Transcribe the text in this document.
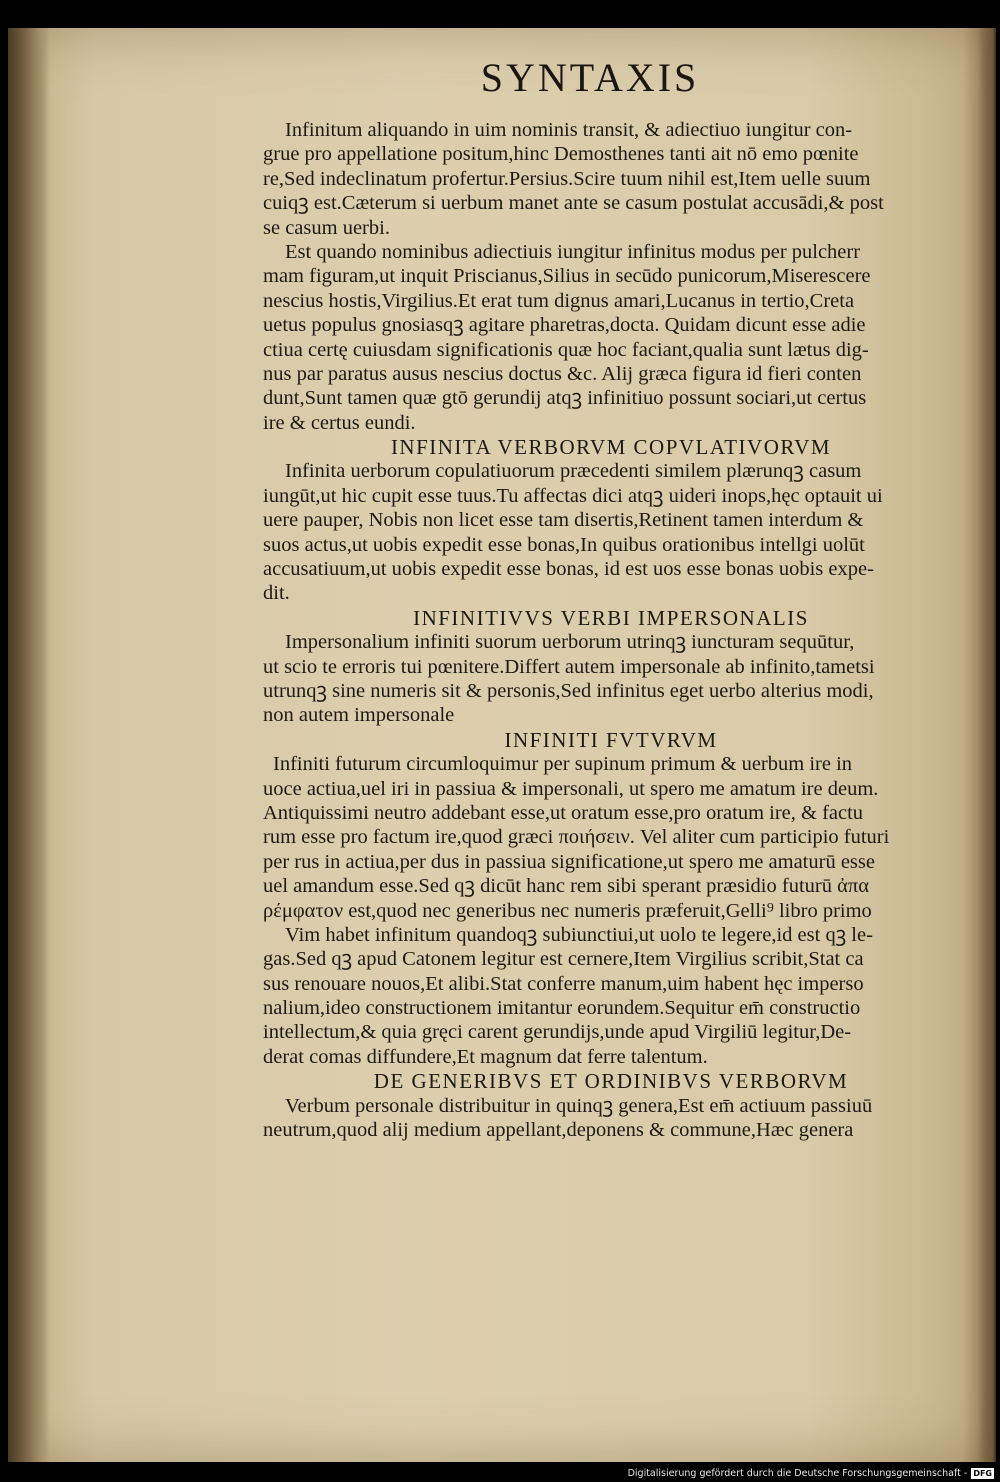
SYNTAXIS
Infinitum aliquando in uim nominis transit, & adiectiuo iungitur con-
grue pro appellatione positum,hinc Demosthenes tanti ait nō emo pœnite
re,Sed indeclinatum profertur.Persius.Scire tuum nihil est,Item uelle suum
cuiqꝫ est.Cæterum si uerbum manet ante se casum postulat accusādi,& post
se casum uerbi.
Est quando nominibus adiectiuis iungitur infinitus modus per pulcherr
mam figuram,ut inquit Priscianus,Silius in secūdo punicorum,Miserescere
nescius hostis,Virgilius.Et erat tum dignus amari,Lucanus in tertio,Creta
uetus populus gnosiasqꝫ agitare pharetras,docta. Quidam dicunt esse adie
ctiua certę cuiusdam significationis quæ hoc faciant,qualia sunt lætus dig-
nus par paratus ausus nescius doctus &c. Alij græca figura id fieri conten
dunt,Sunt tamen quæ gtō gerundij atqꝫ infinitiuo possunt sociari,ut certus
ire & certus eundi.
INFINITA VERBORVM COPVLATIVORVM
Infinita uerborum copulatiuorum præcedenti similem plærunqꝫ casum
iungūt,ut hic cupit esse tuus.Tu affectas dici atqꝫ uideri inops,hęc optauit ui
uere pauper, Nobis non licet esse tam disertis,Retinent tamen interdum &
suos actus,ut uobis expedit esse bonas,In quibus orationibus intellgi uolūt
accusatiuum,ut uobis expedit esse bonas, id est uos esse bonas uobis expe-
dit.
INFINITIVVS VERBI IMPERSONALIS
Impersonalium infiniti suorum uerborum utrinqꝫ iuncturam sequūtur,
ut scio te erroris tui pœnitere.Differt autem impersonale ab infinito,tametsi
utrunqꝫ sine numeris sit & personis,Sed infinitus eget uerbo alterius modi,
non autem impersonale
INFINITI FVTVRVM
Infiniti futurum circumloquimur per supinum primum & uerbum ire in
uoce actiua,uel iri in passiua & impersonali, ut spero me amatum ire deum.
Antiquissimi neutro addebant esse,ut oratum esse,pro oratum ire, & factu
rum esse pro factum ire,quod græci ποιήσειν. Vel aliter cum participio futuri
per rus in actiua,per dus in passiua significatione,ut spero me amaturū esse
uel amandum esse.Sed qꝫ dicūt hanc rem sibi sperant præsidio futurū ἀπα
ρέμφατον est,quod nec generibus nec numeris præferuit,Gelli⁹ libro primo
Vim habet infinitum quandoqꝫ subiunctiui,ut uolo te legere,id est qꝫ le-
gas.Sed qꝫ apud Catonem legitur est cernere,Item Virgilius scribit,Stat ca
sus renouare nouos,Et alibi.Stat conferre manum,uim habent hęc imperso
nalium,ideo constructionem imitantur eorundem.Sequitur em̄ constructio
intellectum,& quia gręci carent gerundijs,unde apud Virgiliū legitur,De-
derat comas diffundere,Et magnum dat ferre talentum.
DE GENERIBVS ET ORDINIBVS VERBORVM
Verbum personale distribuitur in quinqꝫ genera,Est em̄ actiuum passiuū
neutrum,quod alij medium appellant,deponens & commune,Hæc genera
Digitalisierung gefördert durch die Deutsche Forschungsgemeinschaft - DFG
